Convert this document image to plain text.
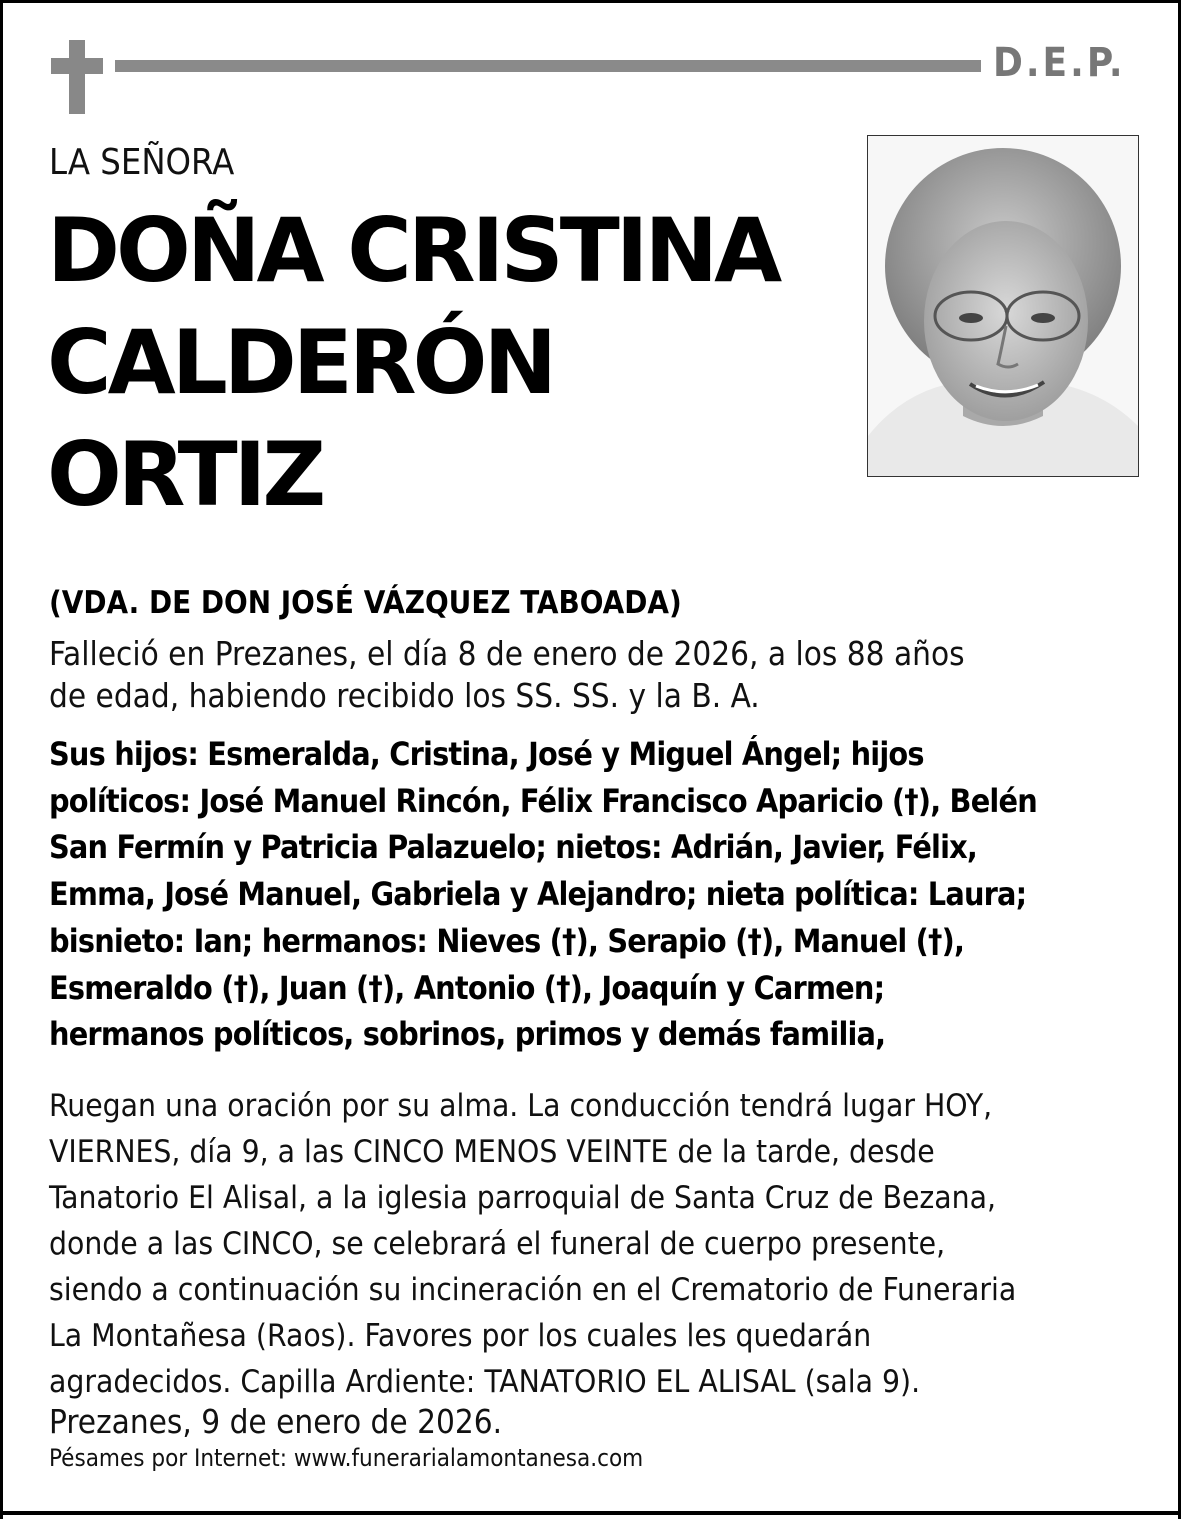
D.E.P.
LA SEÑORA
DOÑA CRISTINA
CALDERÓN
ORTIZ
(VDA. DE DON JOSÉ VÁZQUEZ TABOADA)
Falleció en Prezanes, el día 8 de enero de 2026, a los 88 años
de edad, habiendo recibido los SS. SS. y la B. A.
Sus hijos: Esmeralda, Cristina, José y Miguel Ángel; hijos
políticos: José Manuel Rincón, Félix Francisco Aparicio (†), Belén
San Fermín y Patricia Palazuelo; nietos: Adrián, Javier, Félix,
Emma, José Manuel, Gabriela y Alejandro; nieta política: Laura;
bisnieto: Ian; hermanos: Nieves (†), Serapio (†), Manuel (†),
Esmeraldo (†), Juan (†), Antonio (†), Joaquín y Carmen;
hermanos políticos, sobrinos, primos y demás familia,
Ruegan una oración por su alma. La conducción tendrá lugar HOY,
VIERNES, día 9, a las CINCO MENOS VEINTE de la tarde, desde
Tanatorio El Alisal, a la iglesia parroquial de Santa Cruz de Bezana,
donde a las CINCO, se celebrará el funeral de cuerpo presente,
siendo a continuación su incineración en el Crematorio de Funeraria
La Montañesa (Raos). Favores por los cuales les quedarán
agradecidos. Capilla Ardiente: TANATORIO EL ALISAL (sala 9).
Prezanes, 9 de enero de 2026.
Pésames por Internet: www.funerarialamontanesa.com
